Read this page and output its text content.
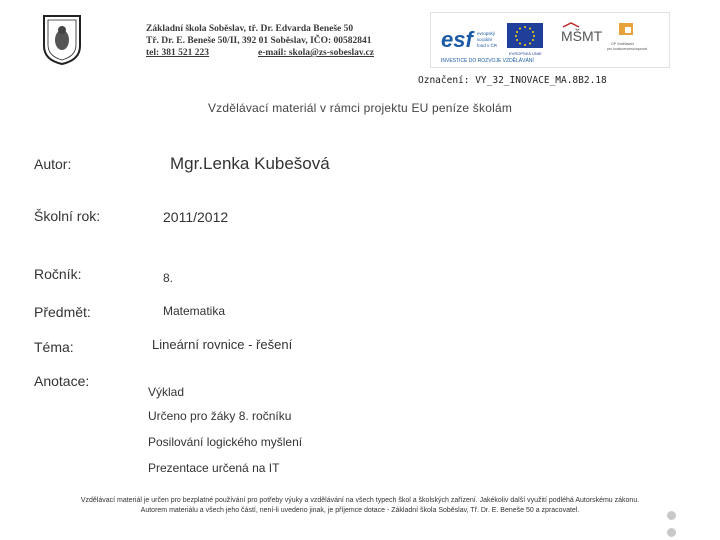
Základní škola Soběslav, tř. Dr. Edvarda Beneše 50
Tř. Dr. E. Beneše 50/II, 392 01 Soběslav, IČO: 00582841
tel: 381 521 223	e-mail: skola@zs-sobeslav.cz
esf evropský
sociální
fond v ČR
EVROPSKÁ UNIE
MŠMT	OP Vzdělávání
pro konkurenceschopnost
INVESTICE DO ROZVOJE VZDĚLÁVÁNÍ
Označení: VY_32_INOVACE_MA.8B2.18
Vzdělávací materiál v rámci projektu EU peníze školám
Autor:	Mgr.Lenka Kubešová
Školní rok:	2011/2012
Ročník:	8.
Předmět:	Matematika
Téma:	Lineární rovnice - řešení
Anotace:
Výklad
Určeno pro žáky 8. ročníku
Posilování logického myšlení
Prezentace určená na IT
Vzdělávací materiál je určen pro bezplatné používání pro potřeby výuky a vzdělávání na všech typech škol a školských zařízení. Jakékoliv další využití podléhá Autorskému zákonu.
Autorem materiálu a všech jeho částí, není-li uvedeno jinak, je příjemce dotace - Základní škola Soběslav, Tř. Dr. E. Beneše 50 a zpracovatel.
